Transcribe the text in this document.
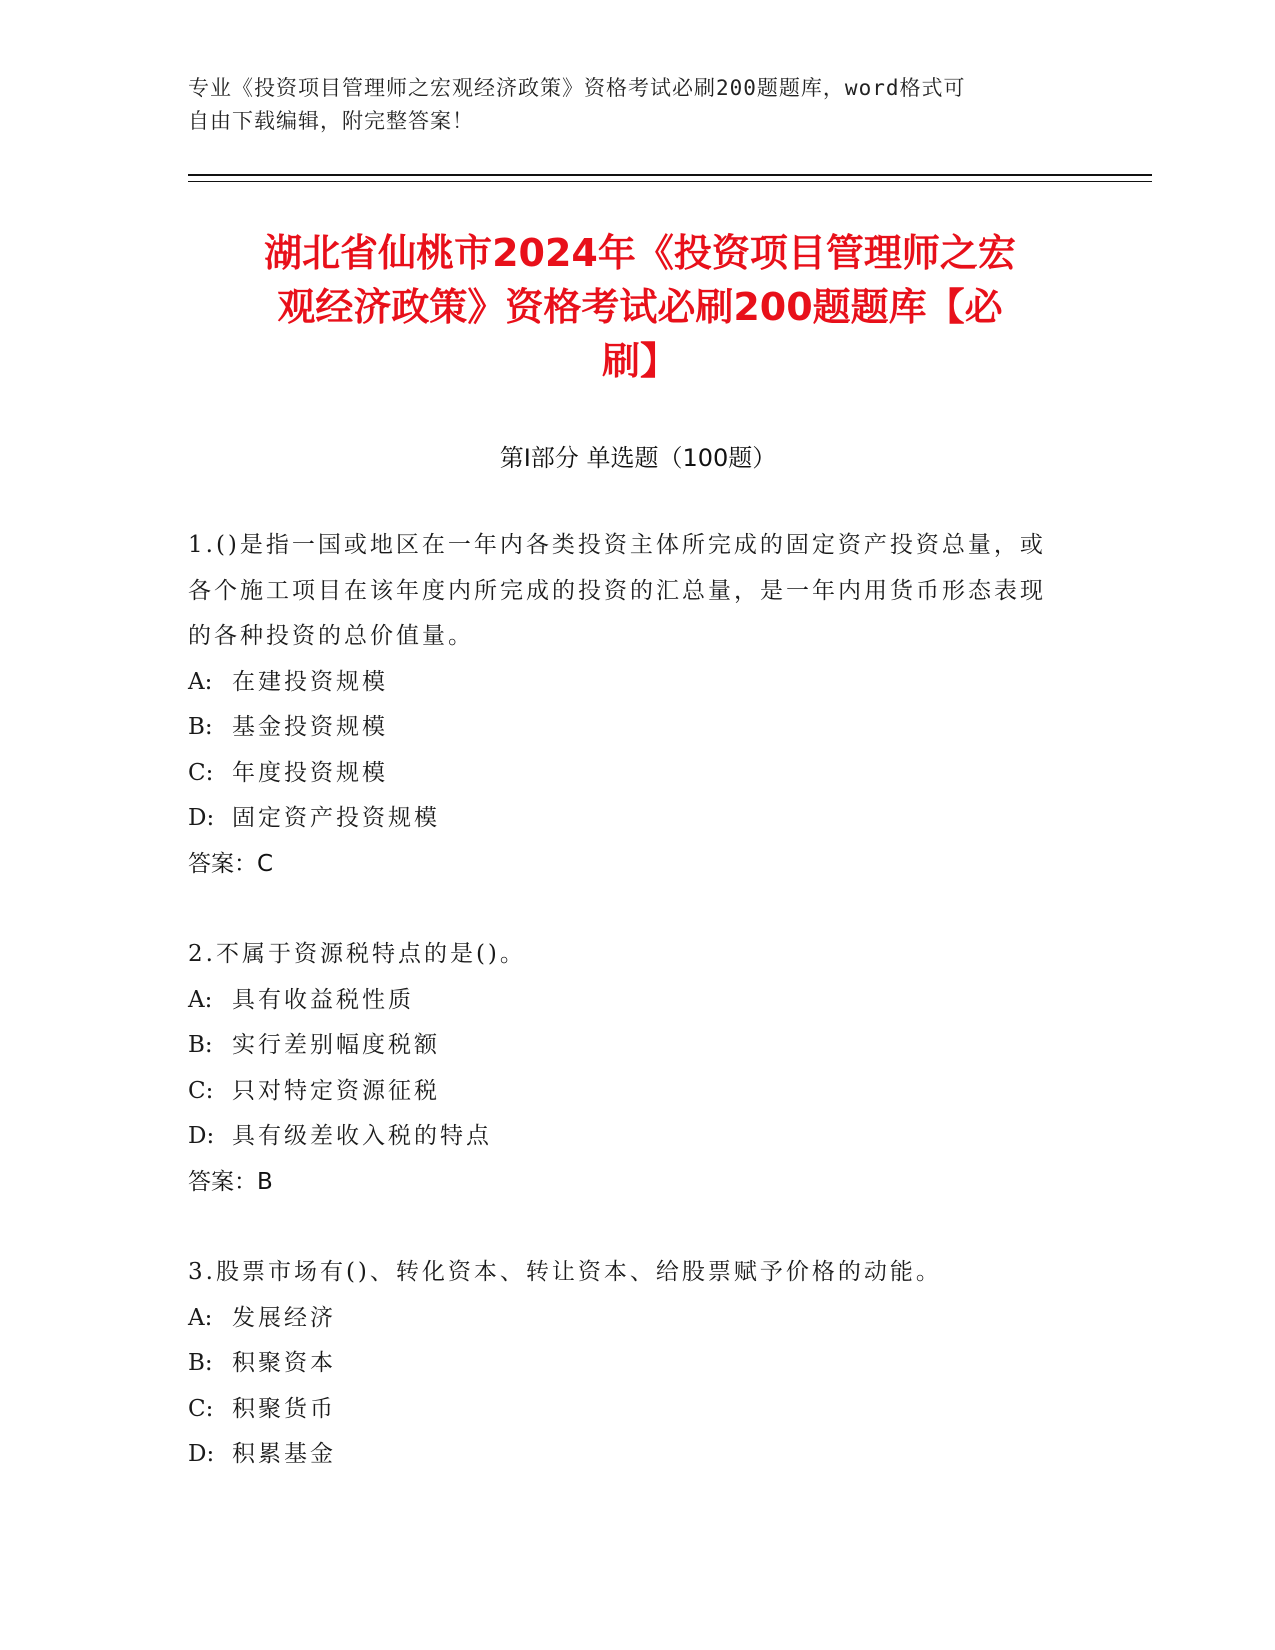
专业《投资项目管理师之宏观经济政策》资格考试必刷200题题库，word格式可
自由下载编辑，附完整答案！
湖北省仙桃市2024年《投资项目管理师之宏
观经济政策》资格考试必刷200题题库【必
刷】
第Ⅰ部分 单选题（100题）
1.()是指一国或地区在一年内各类投资主体所完成的固定资产投资总量，或各个施工项目在该年度内所完成的投资的汇总量，是一年内用货币形态表现的各种投资的总价值量。
A: 在建投资规模
B: 基金投资规模
C: 年度投资规模
D: 固定资产投资规模
答案：C
2.不属于资源税特点的是()。
A: 具有收益税性质
B: 实行差别幅度税额
C: 只对特定资源征税
D: 具有级差收入税的特点
答案：B
3.股票市场有()、转化资本、转让资本、给股票赋予价格的动能。
A: 发展经济
B: 积聚资本
C: 积聚货币
D: 积累基金
